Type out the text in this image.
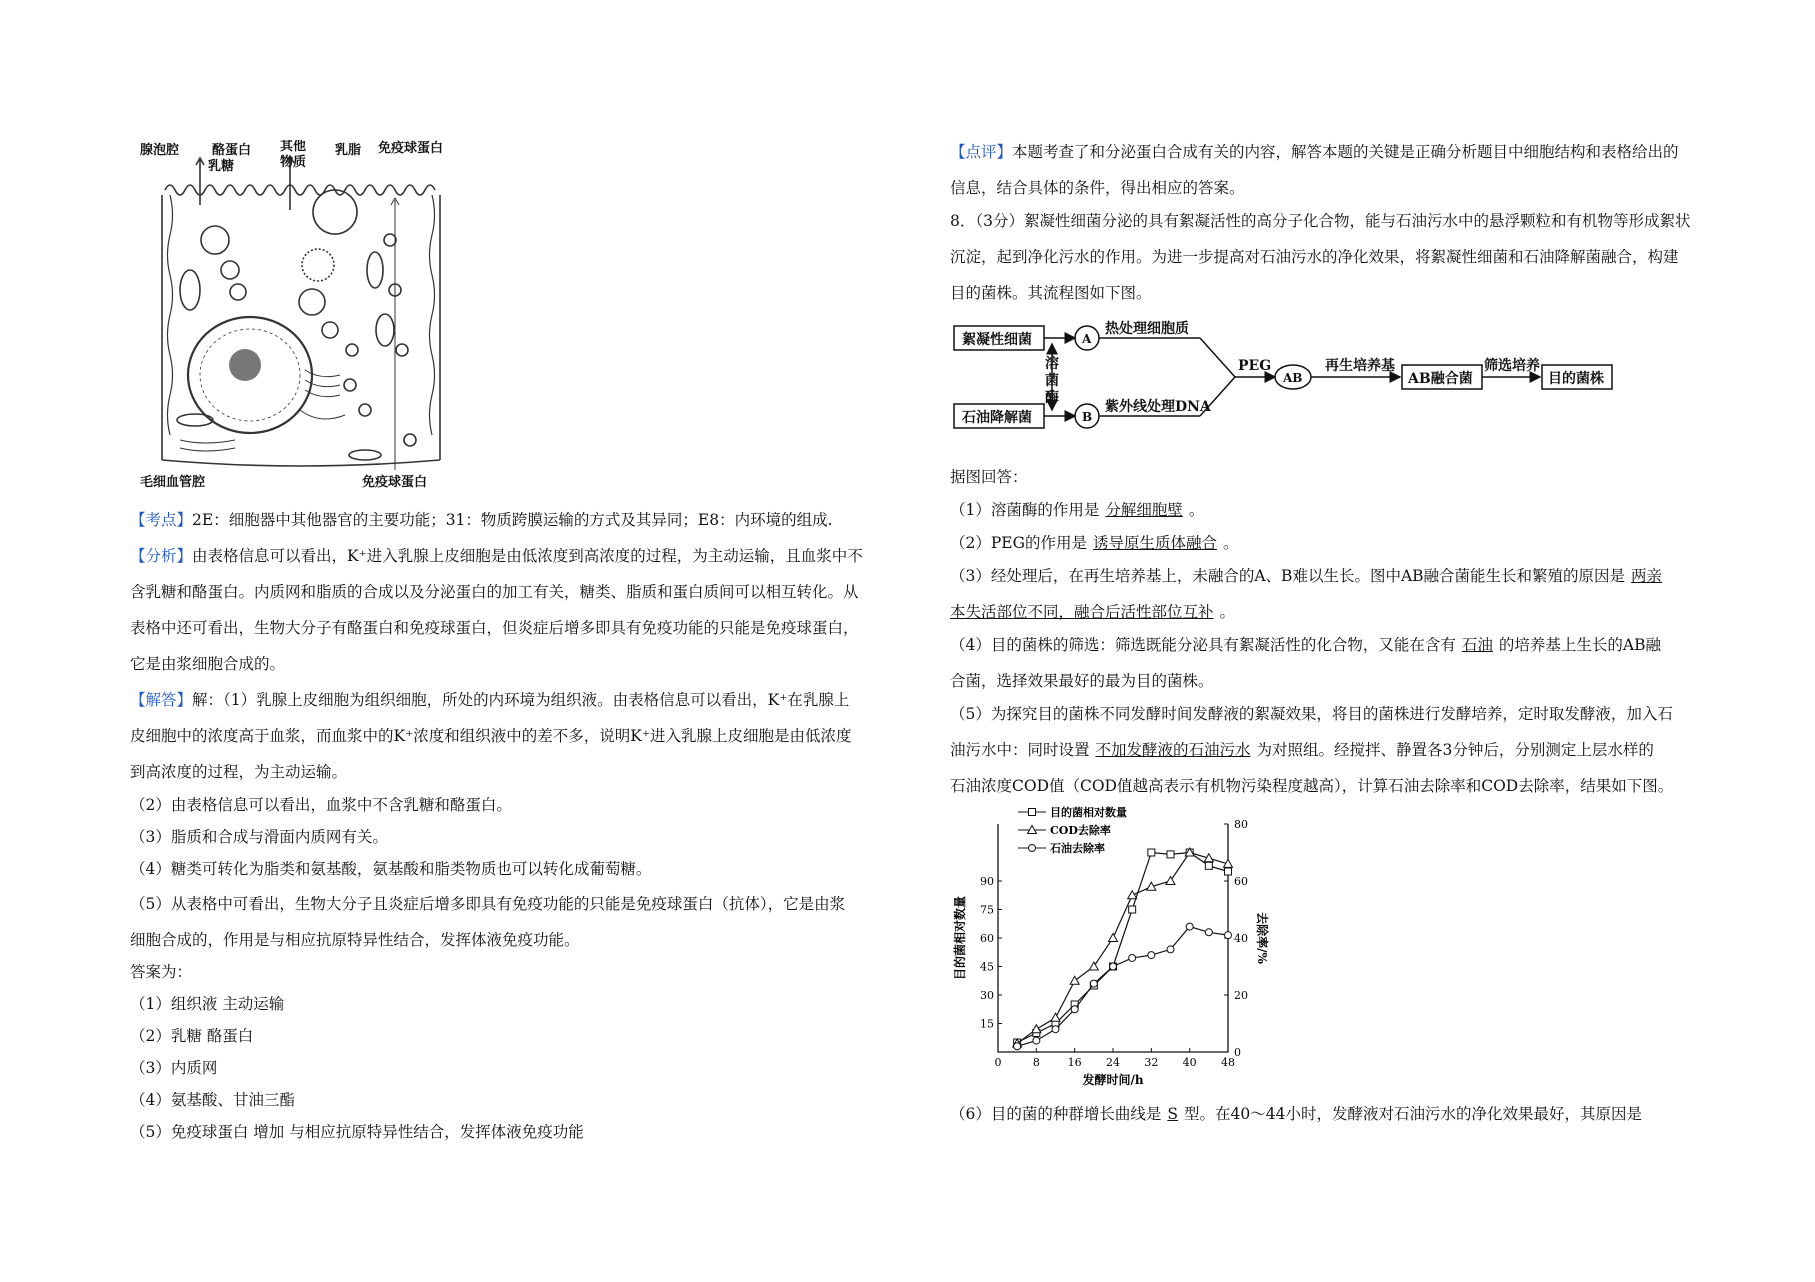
腺泡腔	酪蛋白
乳糖
其他
物质
乳脂 免疫球蛋白
毛细血管腔	免疫球蛋白
【考点】2E：细胞器中其他器官的主要功能；31：物质跨膜运输的方式及其异同；E8：内环境的组成.
【分析】由表格信息可以看出，K⁺进入乳腺上皮细胞是由低浓度到高浓度的过程，为主动运输，且血浆中不
含乳糖和酪蛋白。内质网和脂质的合成以及分泌蛋白的加工有关，糖类、脂质和蛋白质间可以相互转化。从
表格中还可看出，生物大分子有酪蛋白和免疫球蛋白，但炎症后增多即具有免疫功能的只能是免疫球蛋白，
它是由浆细胞合成的。
【解答】解：（1）乳腺上皮细胞为组织细胞，所处的内环境为组织液。由表格信息可以看出，K⁺在乳腺上
皮细胞中的浓度高于血浆，而血浆中的K⁺浓度和组织液中的差不多，说明K⁺进入乳腺上皮细胞是由低浓度
到高浓度的过程，为主动运输。
（2）由表格信息可以看出，血浆中不含乳糖和酪蛋白。
（3）脂质和合成与滑面内质网有关。
（4）糖类可转化为脂类和氨基酸，氨基酸和脂类物质也可以转化成葡萄糖。
（5）从表格中可看出，生物大分子且炎症后增多即具有免疫功能的只能是免疫球蛋白（抗体），它是由浆
细胞合成的，作用是与相应抗原特异性结合，发挥体液免疫功能。
答案为：
（1）组织液 主动运输
（2）乳糖 酪蛋白
（3）内质网
（4）氨基酸、甘油三酯
（5）免疫球蛋白 增加 与相应抗原特异性结合，发挥体液免疫功能
【点评】本题考查了和分泌蛋白合成有关的内容，解答本题的关键是正确分析题目中细胞结构和表格给出的
信息，结合具体的条件，得出相应的答案。
8．（3分）絮凝性细菌分泌的具有絮凝活性的高分子化合物，能与石油污水中的悬浮颗粒和有机物等形成絮状
沉淀，起到净化污水的作用。为进一步提高对石油污水的净化效果，将絮凝性细菌和石油降解菌融合，构建
目的菌株。其流程图如下图。
絮凝性细菌
石油降解菌
A
B
溶
菌
酶
热处理细胞质
紫外线处理DNA
PEG
AB
再生培养基
AB融合菌
筛选培养
目的菌株
据图回答：
（1）溶菌酶的作用是 分解细胞壁 。
（2）PEG的作用是 诱导原生质体融合 。
（3）经处理后，在再生培养基上，未融合的A、B难以生长。图中AB融合菌能生长和繁殖的原因是 两亲
本失活部位不同，融合后活性部位互补 。
（4）目的菌株的筛选：筛选既能分泌具有絮凝活性的化合物，又能在含有 石油 的培养基上生长的AB融
合菌，选择效果最好的最为目的菌株。
（5）为探究目的菌株不同发酵时间发酵液的絮凝效果，将目的菌株进行发酵培养，定时取发酵液，加入石
油污水中：同时设置 不加发酵液的石油污水 为对照组。经搅拌、静置各3分钟后，分别测定上层水样的
石油浓度COD值（COD值越高表示有机物污染程度越高），计算石油去除率和COD去除率，结果如下图。
0	8	16 24 32 40 48
15
30
45
60
75
90
0
20
40
60
80
发酵时间/h
目的菌相对数量	去除率/%
目的菌相对数量
COD去除率
石油去除率
（6）目的菌的种群增长曲线是 S 型。在40～44小时，发酵液对石油污水的净化效果最好，其原因是
